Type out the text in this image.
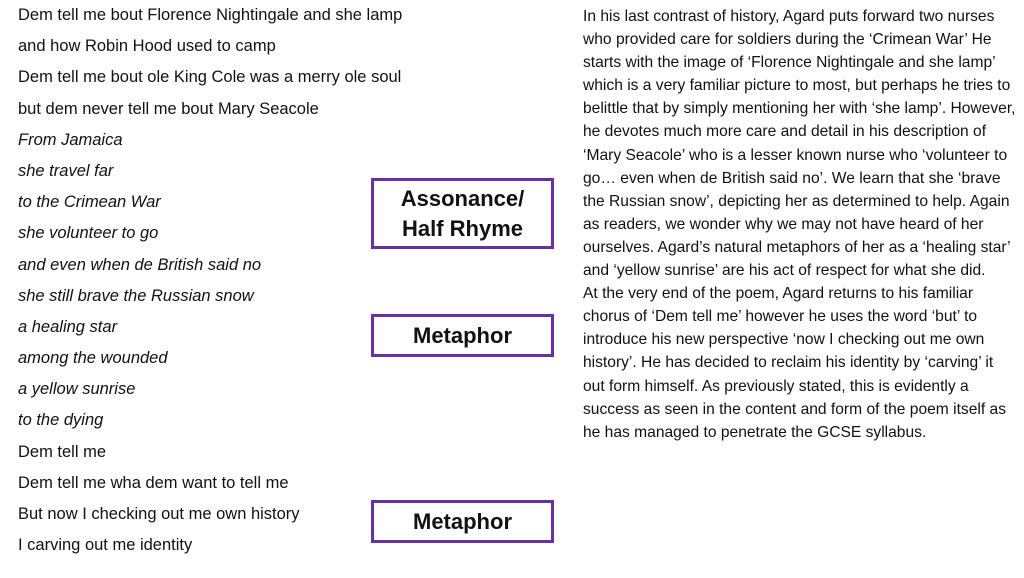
Dem tell me bout Florence Nightingale and she lamp
and how Robin Hood used to camp
Dem tell me bout ole King Cole was a merry ole soul
but dem never tell me bout Mary Seacole
From Jamaica
she travel far
to the Crimean War
she volunteer to go
and even when de British said no
she still brave the Russian snow
a healing star
among the wounded
a yellow sunrise
to the dying
Dem tell me
Dem tell me wha dem want to tell me
But now I checking out me own history
I carving out me identity
Assonance/
Half Rhyme
Metaphor
Metaphor

In his last contrast of history, Agard puts forward two nurses who provided care for soldiers during the ‘Crimean War’ He starts with the image of ‘Florence Nightingale and she lamp’ which is a very familiar picture to most, but perhaps he tries to belittle that by simply mentioning her with ‘she lamp’. However, he devotes much more care and detail in his description of ‘Mary Seacole’ who is a lesser known nurse who ‘volunteer to go… even when de British said no’. We learn that she ‘brave the Russian snow’, depicting her as determined to help. Again as readers, we wonder why we may not have heard of her ourselves. Agard’s natural metaphors of her as a ‘healing star’ and ‘yellow sunrise’ are his act of respect for what she did.

At the very end of the poem, Agard returns to his familiar chorus of ‘Dem tell me’ however he uses the word ‘but’ to introduce his new perspective ‘now I checking out me own history’. He has decided to reclaim his identity by ‘carving’ it out form himself. As previously stated, this is evidently a success as seen in the content and form of the poem itself as he has managed to penetrate the GCSE syllabus.
